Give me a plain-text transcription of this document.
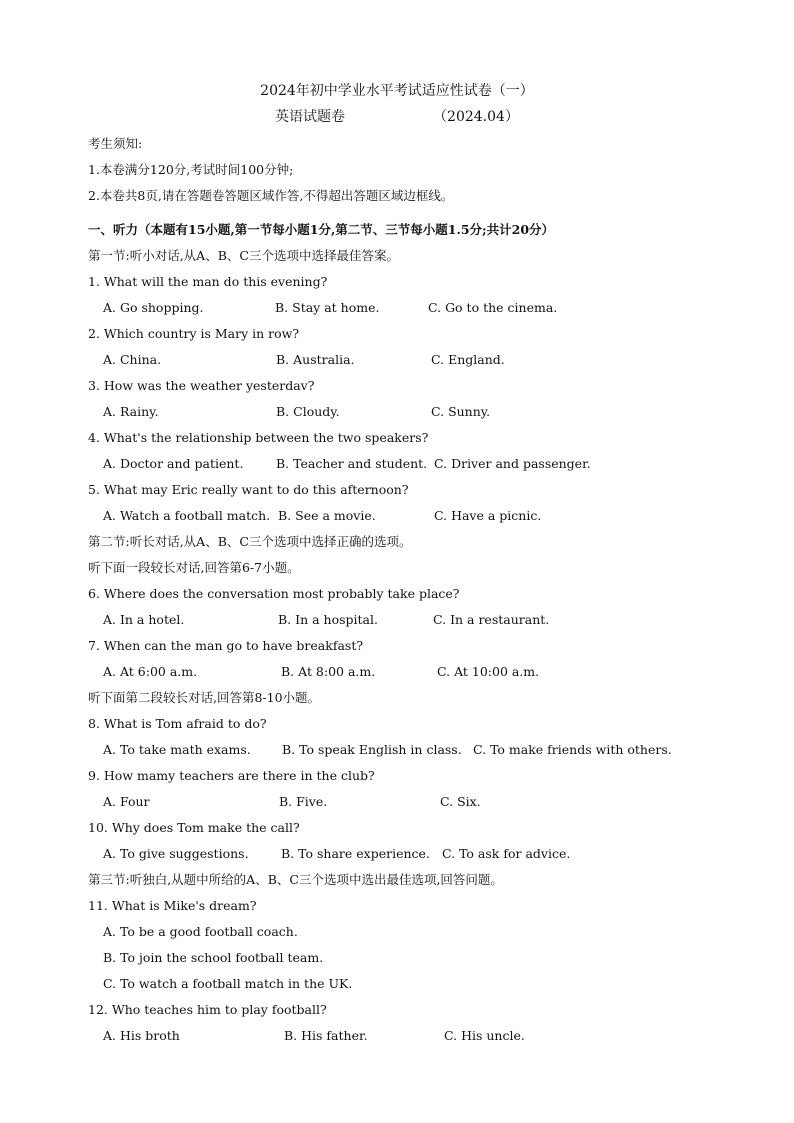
2024年初中学业水平考试适应性试卷（一）
英语试题卷	（2024.04）
考生须知:
1.本卷满分120分,考试时间100分钟;
2.本卷共8页,请在答题卷答题区域作答,不得超出答题区域边框线。
一、听力（本题有15小题,第一节每小题1分,第二节、三节每小题1.5分;共计20分）
第一节:听小对话,从A、B、C三个选项中选择最佳答案。
1. What will the man do this evening?
A. Go shopping.	B. Stay at home.	C. Go to the cinema.
2. Which country is Mary in row?
A. China.	B. Australia.	C. England.
3. How was the weather yesterdav?
A. Rainy.	B. Cloudy.	C. Sunny.
4. What's the relationship between the two speakers?
A. Doctor and patient.	B. Teacher and student. C. Driver and passenger.
5. What may Eric really want to do this afternoon?
A. Watch a football match. B. See a movie.	C. Have a picnic.
第二节:听长对话,从A、B、C三个选项中选择正确的选项。
听下面一段较长对话,回答第6-7小题。
6. Where does the conversation most probably take place?
A. In a hotel.	B. In a hospital.	C. In a restaurant.
7. When can the man go to have breakfast?
A. At 6:00 a.m.	B. At 8:00 a.m.	C. At 10:00 a.m.
听下面第二段较长对话,回答第8-10小题。
8. What is Tom afraid to do?
A. To take math exams. B. To speak English in class. C. To make friends with others.
9. How mamy teachers are there in the club?
A. Four	B. Five.	C. Six.
10. Why does Tom make the call?
A. To give suggestions.	B. To share experience. C. To ask for advice.
第三节:听独白,从题中所给的A、B、C三个选项中选出最佳选项,回答问题。
11. What is Mike's dream?
A. To be a good football coach.
B. To join the school football team.
C. To watch a football match in the UK.
12. Who teaches him to play football?
A. His broth	B. His father.	C. His uncle.
